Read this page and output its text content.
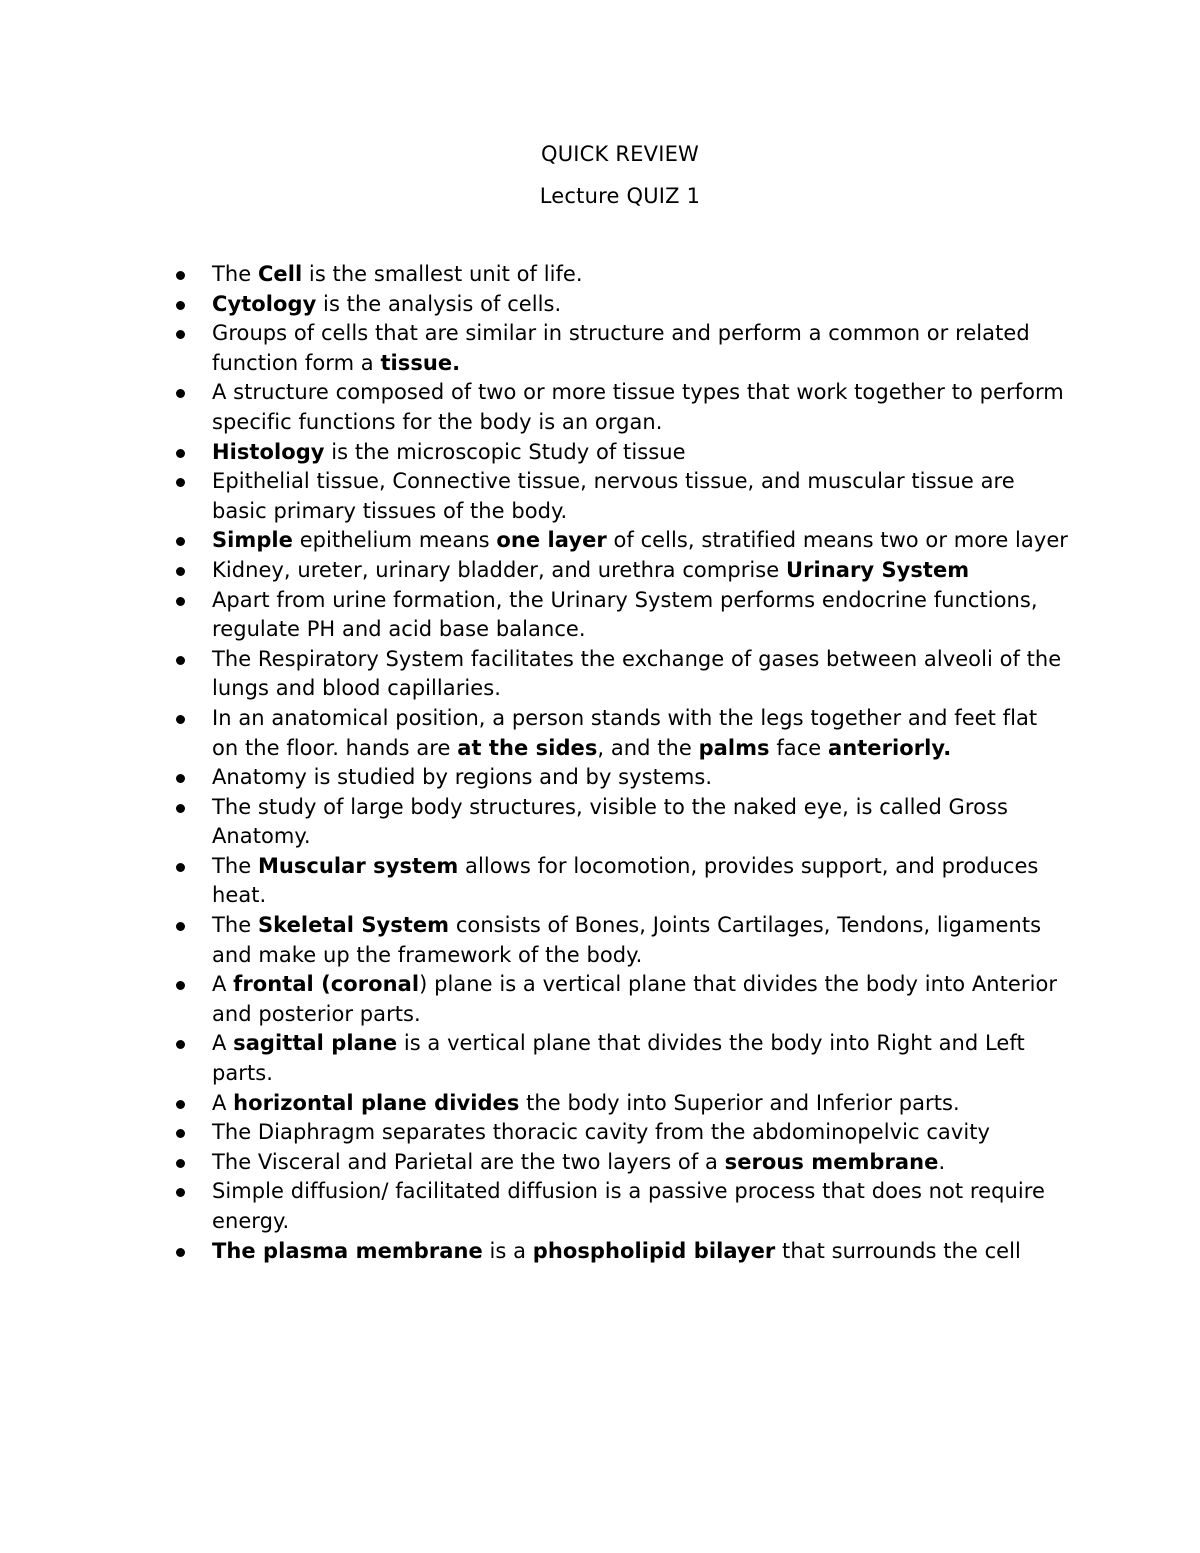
QUICK REVIEW
Lecture QUIZ 1
The Cell is the smallest unit of life.
Cytology is the analysis of cells.
Groups of cells that are similar in structure and perform a common or related function form a tissue.
A structure composed of two or more tissue types that work together to perform specific functions for the body is an organ.
Histology is the microscopic Study of tissue
Epithelial tissue, Connective tissue, nervous tissue, and muscular tissue are basic primary tissues of the body.
Simple epithelium means one layer of cells, stratified means two or more layer
Kidney, ureter, urinary bladder, and urethra comprise Urinary System
Apart from urine formation, the Urinary System performs endocrine functions, regulate PH and acid base balance.
The Respiratory System facilitates the exchange of gases between alveoli of the lungs and blood capillaries.
In an anatomical position, a person stands with the legs together and feet flat on the floor. hands are at the sides, and the palms face anteriorly.
Anatomy is studied by regions and by systems.
The study of large body structures, visible to the naked eye, is called Gross Anatomy.
The Muscular system allows for locomotion, provides support, and produces heat.
The Skeletal System consists of Bones, Joints Cartilages, Tendons, ligaments and make up the framework of the body.
A frontal (coronal) plane is a vertical plane that divides the body into Anterior and posterior parts.
A sagittal plane is a vertical plane that divides the body into Right and Left parts.
A horizontal plane divides the body into Superior and Inferior parts.
The Diaphragm separates thoracic cavity from the abdominopelvic cavity
The Visceral and Parietal are the two layers of a serous membrane.
Simple diffusion/ facilitated diffusion is a passive process that does not require energy.
The plasma membrane is a phospholipid bilayer that surrounds the cell
